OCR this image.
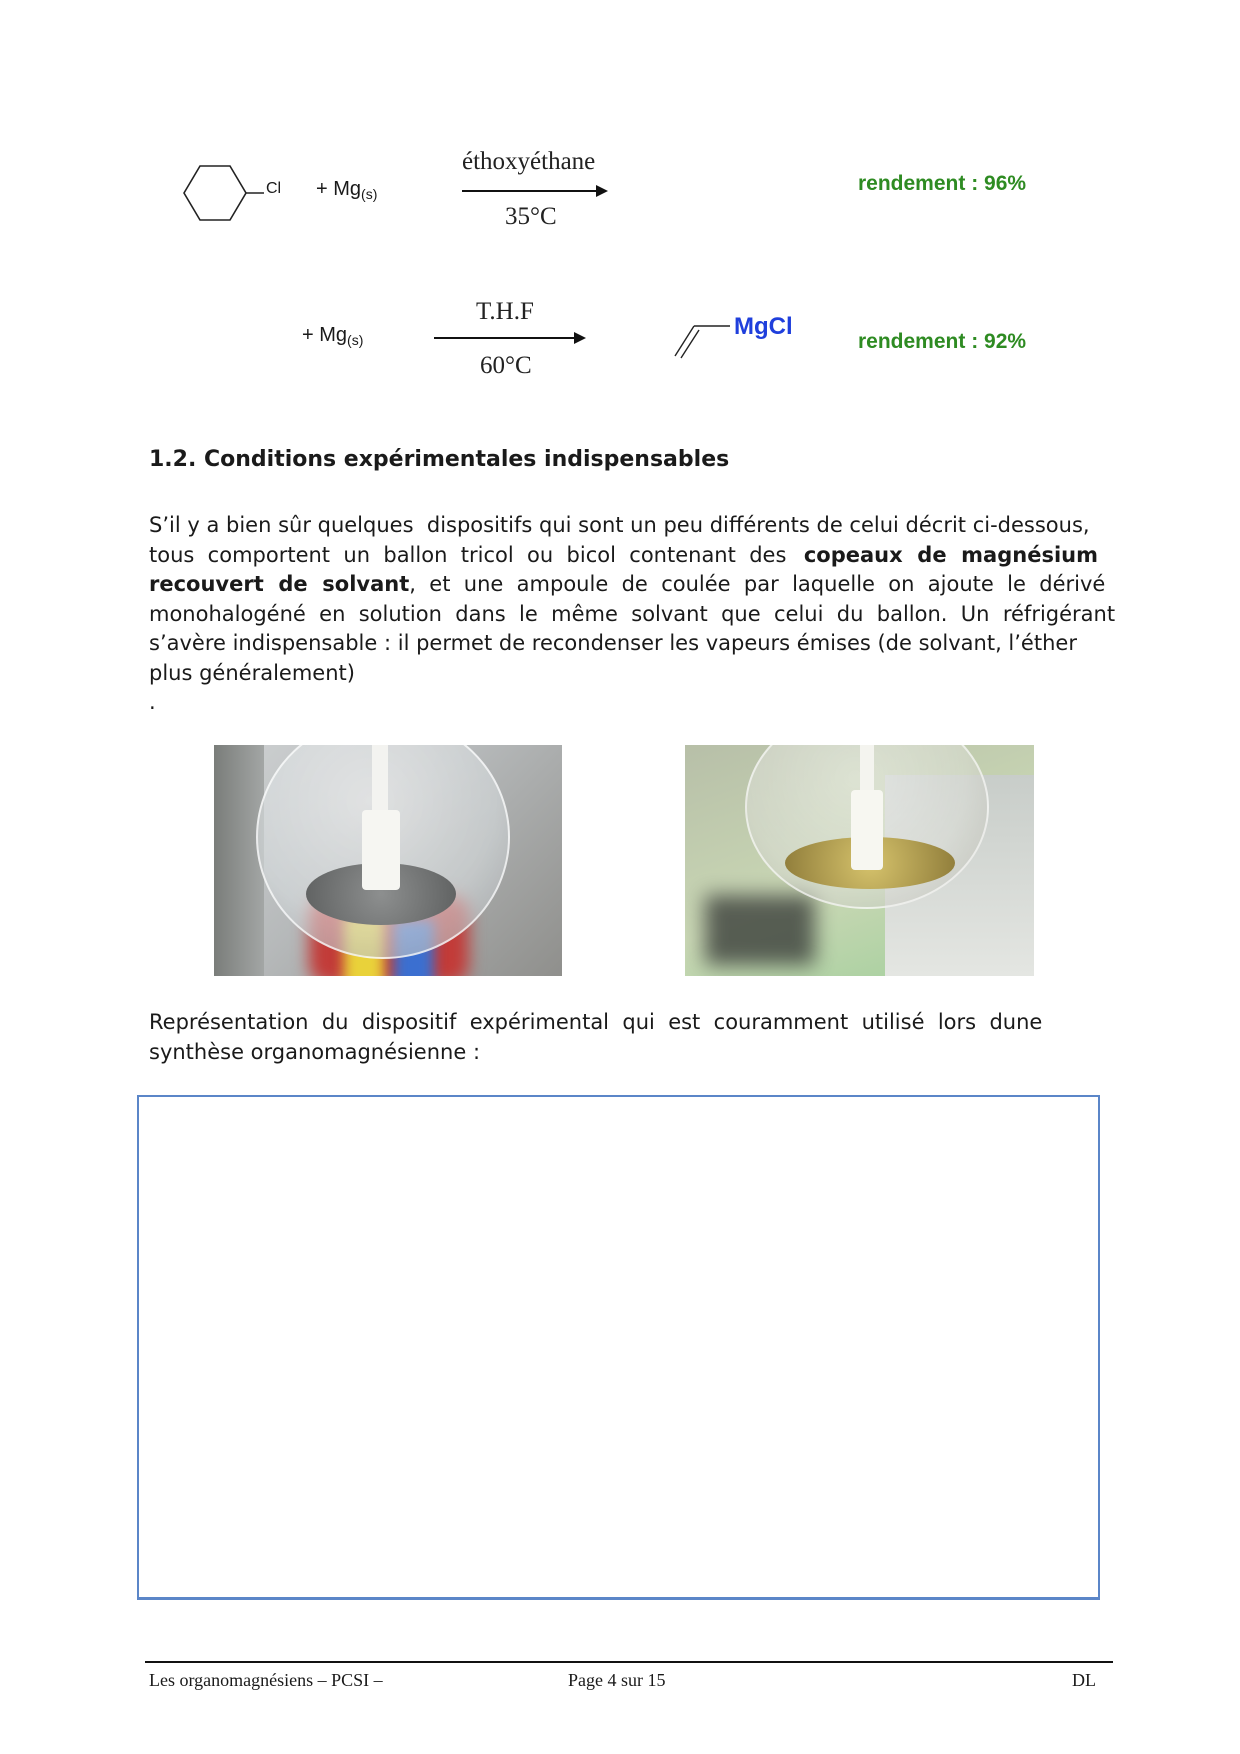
$Cl + Mg_{(s)}$
éthoxyéthane
35°C
rendement : 96%
+ $Mg_{(s)}$
T.H.F
60°C
MgCl
rendement : 92%
1.2. Conditions expérimentales indispensables
S’il y a bien sûr quelques  dispositifs qui sont un peu différents de celui décrit ci-dessous,
tous  comportent  un  ballon  tricol  ou  bicol  contenant  des copeaux  de  magnésium
recouvert  de  solvant,  et  une  ampoule  de  coulée  par  laquelle  on  ajoute  le  dérivé
monohalogéné  en  solution  dans  le  même  solvant  que  celui  du  ballon.  Un  réfrigérant
s’avère indispensable : il permet de recondenser les vapeurs émises (de solvant, l’éther
plus généralement)
.
Représentation  du  dispositif  expérimental  qui  est  couramment  utilisé  lors  dune
synthèse organomagnésienne :
Les organomagnésiens – PCSI –	Page 4 sur 15	DL
